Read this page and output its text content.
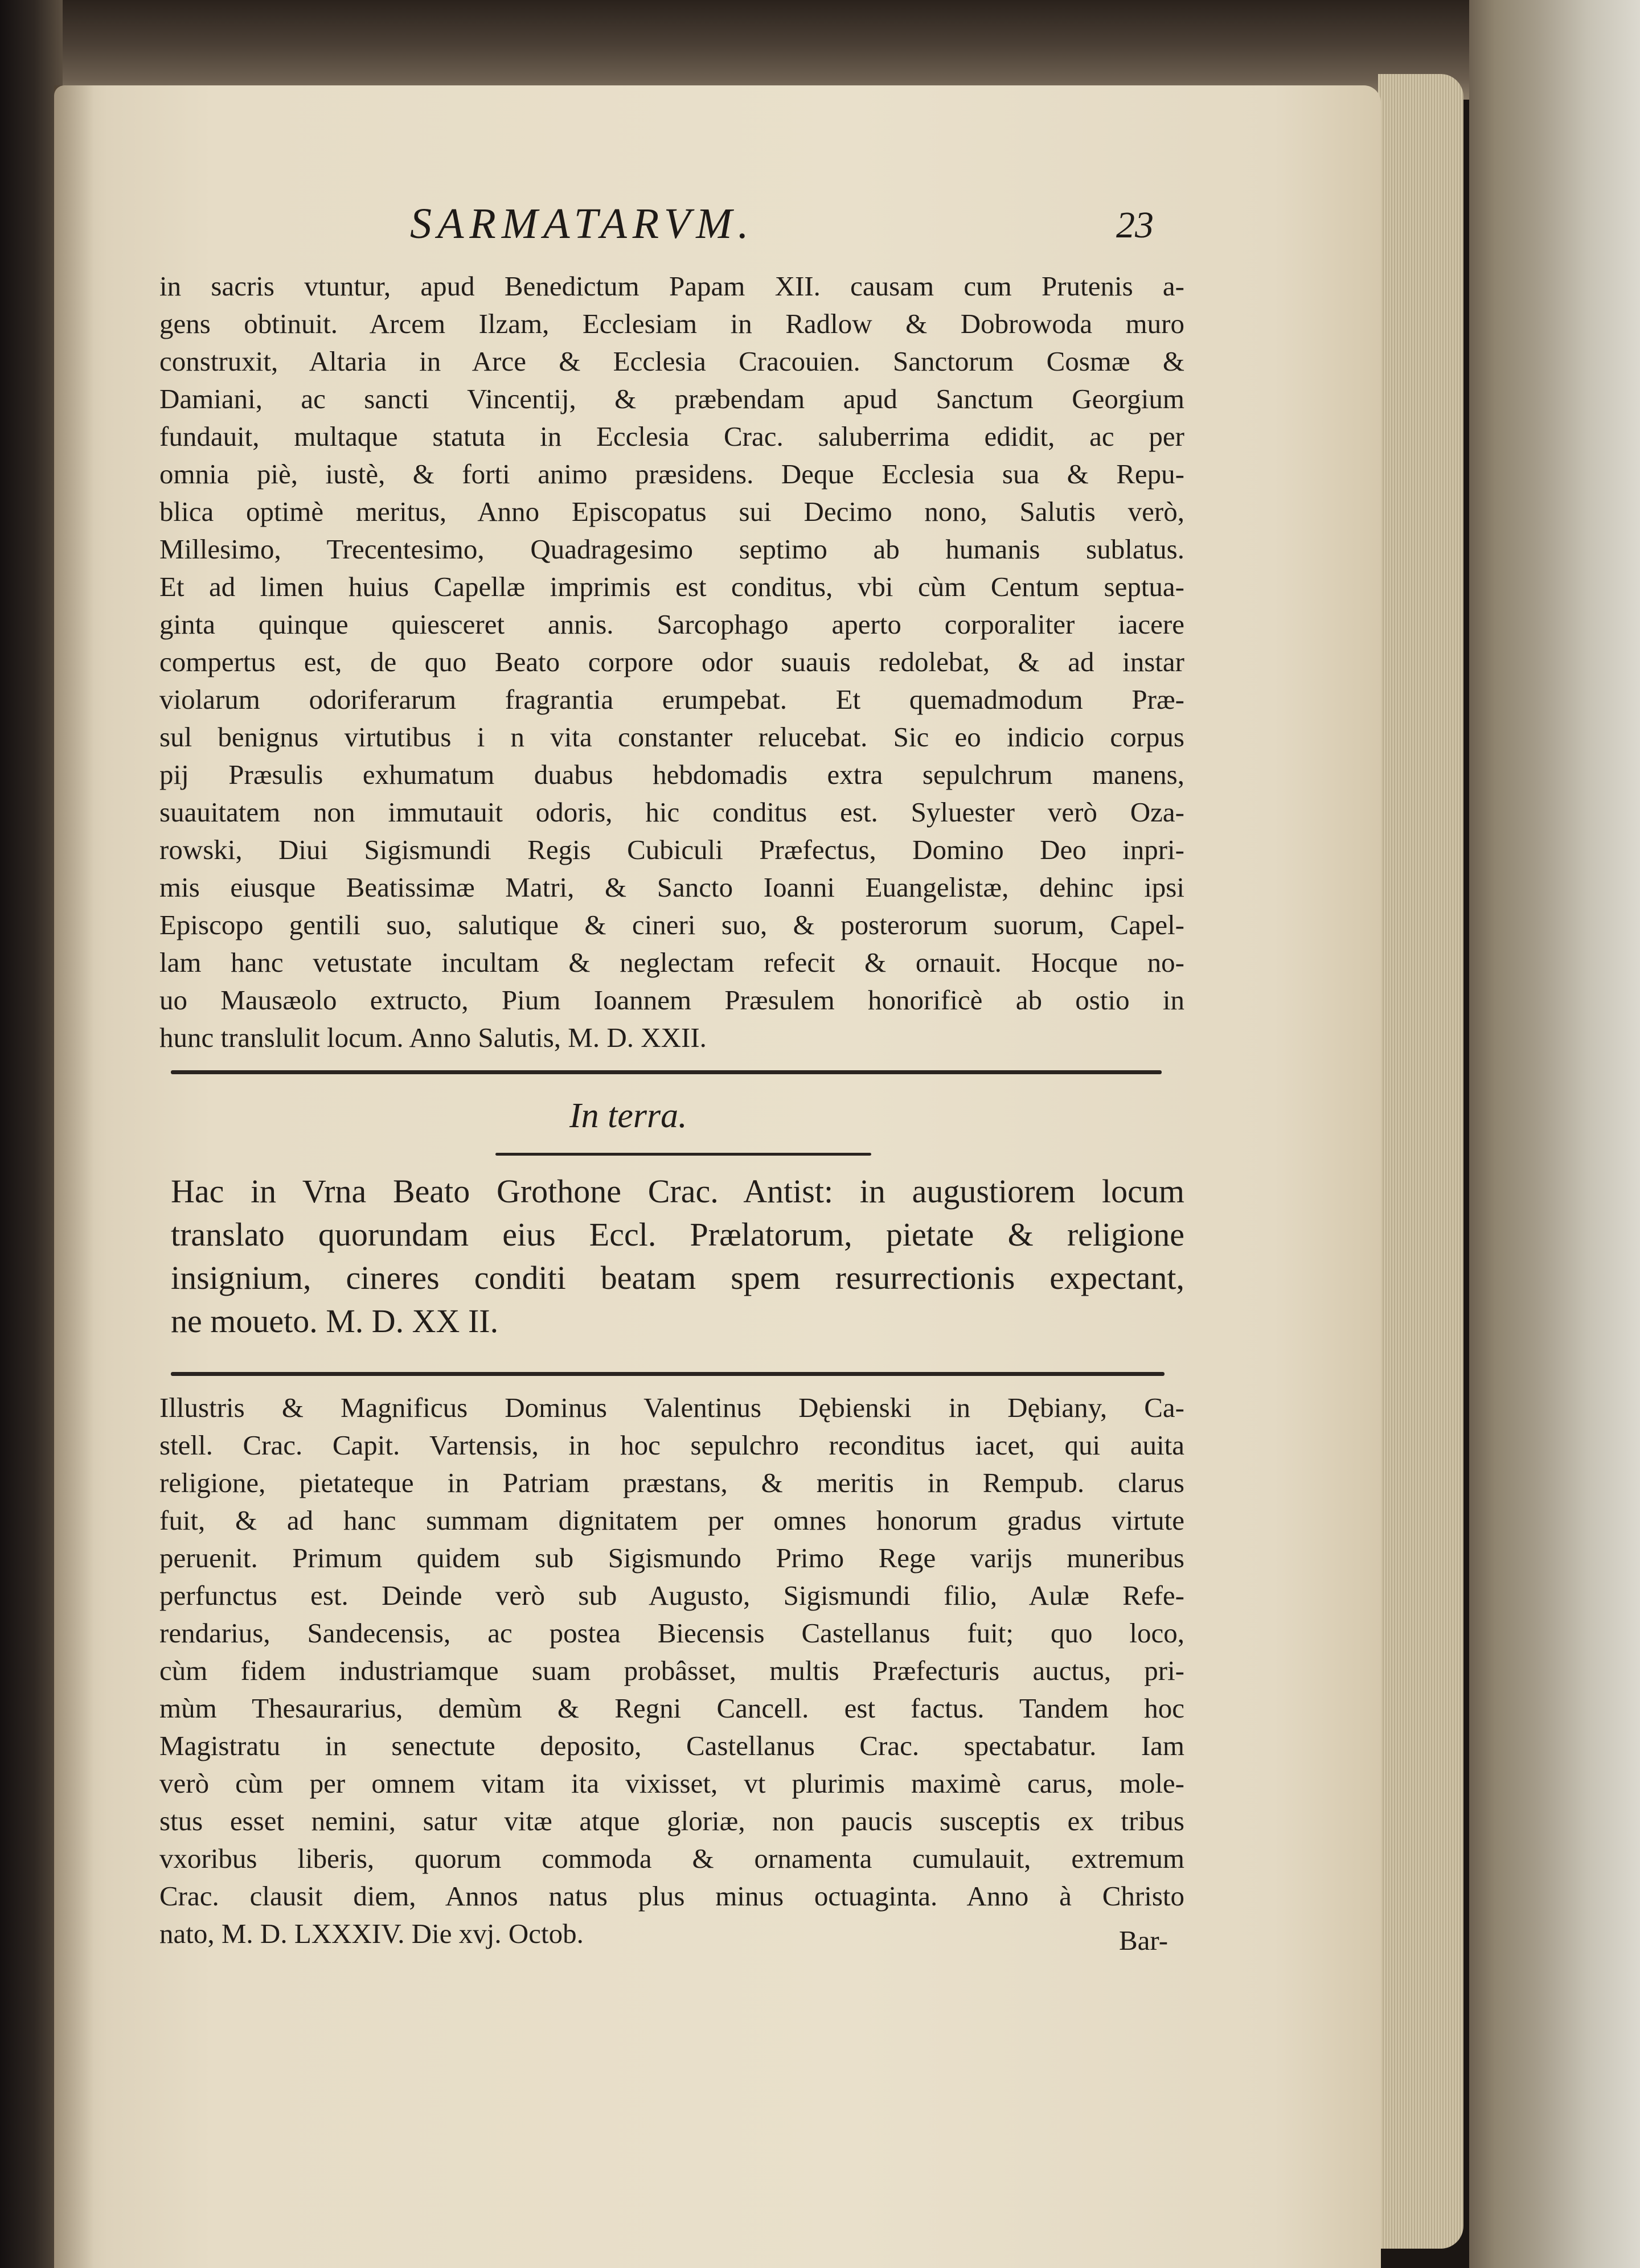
SARMATARVM.	23
in sacris vtuntur, apud Benedictum Papam XII. causam cum Prutenis a-
gens obtinuit. Arcem Ilzam, Ecclesiam in Radlow & Dobrowoda muro
construxit, Altaria in Arce & Ecclesia Cracouien. Sanctorum Cosmæ &
Damiani, ac sancti Vincentij, & præbendam apud Sanctum Georgium
fundauit, multaque statuta in Ecclesia Crac. saluberrima edidit, ac per
omnia piè, iustè, & forti animo præsidens. Deque Ecclesia sua & Repu-
blica optimè meritus, Anno Episcopatus sui Decimo nono, Salutis verò,
Millesimo, Trecentesimo, Quadragesimo septimo ab humanis sublatus.
Et ad limen huius Capellæ imprimis est conditus, vbi cùm Centum septua-
ginta quinque quiesceret annis. Sarcophago aperto corporaliter iacere
compertus est, de quo Beato corpore odor suauis redolebat, & ad instar
violarum odoriferarum fragrantia erumpebat. Et quemadmodum Præ-
sul benignus virtutibus i n vita constanter relucebat. Sic eo indicio corpus
pij Præsulis exhumatum duabus hebdomadis extra sepulchrum manens,
suauitatem non immutauit odoris, hic conditus est. Syluester verò Oza-
rowski, Diui Sigismundi Regis Cubiculi Præfectus, Domino Deo inpri-
mis eiusque Beatissimæ Matri, & Sancto Ioanni Euangelistæ, dehinc ipsi
Episcopo gentili suo, salutique & cineri suo, & posterorum suorum, Capel-
lam hanc vetustate incultam & neglectam refecit & ornauit. Hocque no-
uo Mausæolo extructo, Pium Ioannem Præsulem honorificè ab ostio in
hunc translulit locum. Anno Salutis, M. D. XXII.
In terra.
Hac in Vrna Beato Grothone Crac. Antist: in augustiorem locum
translato quorundam eius Eccl. Prælatorum, pietate & religione
insignium, cineres conditi beatam spem resurrectionis expectant,
ne moueto. M. D. XX II.
Illustris & Magnificus Dominus Valentinus Dębienski in Dębiany, Ca-
stell. Crac. Capit. Vartensis, in hoc sepulchro reconditus iacet, qui auita
religione, pietateque in Patriam præstans, & meritis in Rempub. clarus
fuit, & ad hanc summam dignitatem per omnes honorum gradus virtute
peruenit. Primum quidem sub Sigismundo Primo Rege varijs muneribus
perfunctus est. Deinde verò sub Augusto, Sigismundi filio, Aulæ Refe-
rendarius, Sandecensis, ac postea Biecensis Castellanus fuit; quo loco,
cùm fidem industriamque suam probâsset, multis Præfecturis auctus, pri-
mùm Thesaurarius, demùm & Regni Cancell. est factus. Tandem hoc
Magistratu in senectute deposito, Castellanus Crac. spectabatur. Iam
verò cùm per omnem vitam ita vixisset, vt plurimis maximè carus, mole-
stus esset nemini, satur vitæ atque gloriæ, non paucis susceptis ex tribus
vxoribus liberis, quorum commoda & ornamenta cumulauit, extremum
Crac. clausit diem, Annos natus plus minus octuaginta. Anno à Christo
nato, M. D. LXXXIV. Die xvj. Octob.	Bar-
